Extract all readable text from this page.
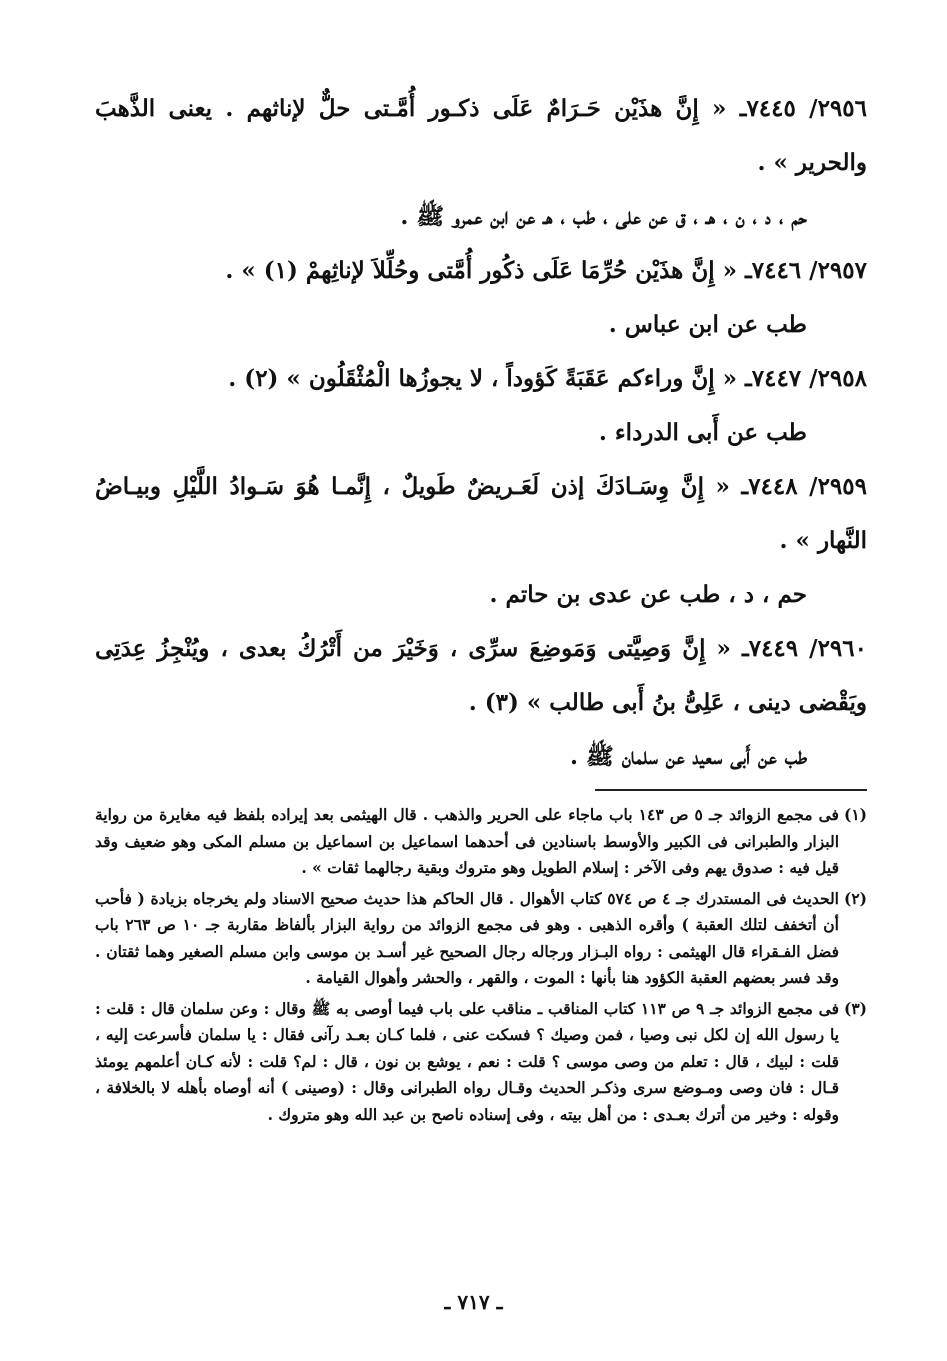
٢٩٥٦/ ٧٤٤٥ـ « إِنَّ هذَيْن حَـرَامٌ عَلَى ذكـور أُمَّـتى حلٌّ لإناثهم . يعنى الذَّهبَ والحرير » .
حم ، د ، ن ، هـ ، ق عن على ، طب ، هـ عن ابن عمرو ﷺ .
٢٩٥٧/ ٧٤٤٦ـ « إِنَّ هذَيْن حُرِّمَا عَلَى ذكُور أُمَّتى وحُلِّلاَ لإناثِهمْ (١) » .
طب عن ابن عباس .
٢٩٥٨/ ٧٤٤٧ـ « إِنَّ وراءكم عَقَبَةً كَؤوداً ، لا يجوزُها الْمُثْقَلُون » (٢) .
طب عن أَبى الدرداء .
٢٩٥٩/ ٧٤٤٨ـ « إِنَّ وِسَـادَكَ إذن لَعَـريضٌ طَويلٌ ، إِنَّمـا هُوَ سَـوادُ اللَّيْلِ وبيـاضُ النَّهار » .
حم ، د ، طب عن عدى بن حاتم .
٢٩٦٠/ ٧٤٤٩ـ « إِنَّ وَصِيَّتى وَمَوضِعَ سرِّى ، وَخَيْرَ من أَتْرُكُ بعدى ، ويُنْجِزُ عِدَتِى ويَقْضى دينى ، عَلِىُّ بنُ أَبى طالب » (٣) .
طب عن أَبى سعيد عن سلمان ﷺ .
(١)
فى مجمع الزوائد جـ ٥ ص ١٤٣ باب ماجاء على الحرير والذهب . قال الهيثمى بعد إيراده بلفظ فيه مغايرة من رواية البزار والطبرانى فى الكبير والأوسط باسنادين فى أحدهما اسماعيل بن اسماعيل بن مسلم المكى وهو ضعيف وقد قيل فيه : صدوق يهم وفى الآخر : إسلام الطويل وهو متروك وبقية رجالهما ثقات » .
(٢)
الحديث فى المستدرك جـ ٤ ص ٥٧٤ كتاب الأهوال . قال الحاكم هذا حديث صحيح الاسناد ولم يخرجاه بزيادة ( فأحب أن أتخفف لتلك العقبة ) وأقره الذهبى . وهو فى مجمع الزوائد من رواية البزار بألفاظ مقاربة جـ ١٠ ص ٢٦٣ باب فضل الفـقراء قال الهيثمى : رواه البـزار ورجاله رجال الصحيح غير أسـد بن موسى وابن مسلم الصغير وهما ثقتان . وقد فسر بعضهم العقبة الكؤود هنا بأنها : الموت ، والقهر ، والحشر وأهوال القيامة .
(٣)
فى مجمع الزوائد جـ ٩ ص ١١٣ كتاب المناقب ـ مناقب على باب فيما أوصى به ﷺ وقال : وعن سلمان قال : قلت : يا رسول الله إن لكل نبى وصيا ، فمن وصيك ؟ فسكت عنى ، فلما كـان بعـد رآنى فقال : يا سلمان فأسرعت إليه ، قلت : لبيك ، قال : تعلم من وصى موسى ؟ قلت : نعم ، يوشع بن نون ، قال : لم؟ قلت : لأنه كـان أعلمهم يومئذ قـال : فان وصى ومـوضع سرى وذكـر الحديث وقـال رواه الطبرانى وقال : (وصينى ) أنه أوصاه بأهله لا بالخلافة ، وقوله : وخير من أترك بعـدى : من أهل بيته ، وفى إسناده ناصح بن عبد الله وهو متروك .
ـ ٧١٧ ـ
